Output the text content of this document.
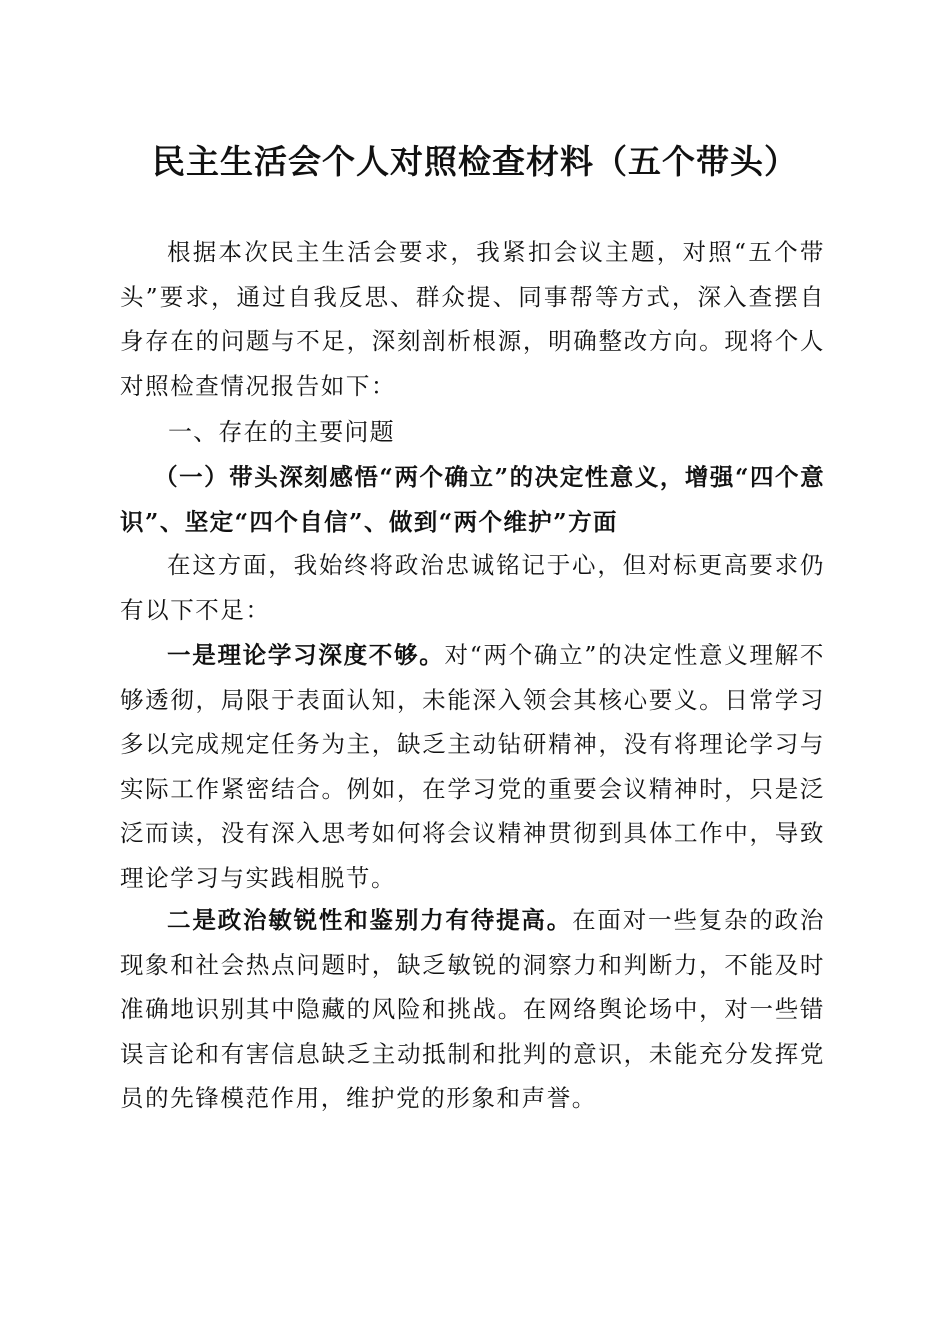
民主生活会个人对照检查材料（五个带头）

根据本次民主生活会要求，我紧扣会议主题，对照“五个带头”要求，通过自我反思、群众提、同事帮等方式，深入查摆自身存在的问题与不足，深刻剖析根源，明确整改方向。现将个人对照检查情况报告如下：

一、存在的主要问题

（一）带头深刻感悟“两个确立”的决定性意义，增强“四个意识”、坚定“四个自信”、做到“两个维护”方面

在这方面，我始终将政治忠诚铭记于心，但对标更高要求仍有以下不足：

一是理论学习深度不够。对“两个确立”的决定性意义理解不够透彻，局限于表面认知，未能深入领会其核心要义。日常学习多以完成规定任务为主，缺乏主动钻研精神，没有将理论学习与实际工作紧密结合。例如，在学习党的重要会议精神时，只是泛泛而读，没有深入思考如何将会议精神贯彻到具体工作中，导致理论学习与实践相脱节。

二是政治敏锐性和鉴别力有待提高。在面对一些复杂的政治现象和社会热点问题时，缺乏敏锐的洞察力和判断力，不能及时准确地识别其中隐藏的风险和挑战。在网络舆论场中，对一些错误言论和有害信息缺乏主动抵制和批判的意识，未能充分发挥党员的先锋模范作用，维护党的形象和声誉。
